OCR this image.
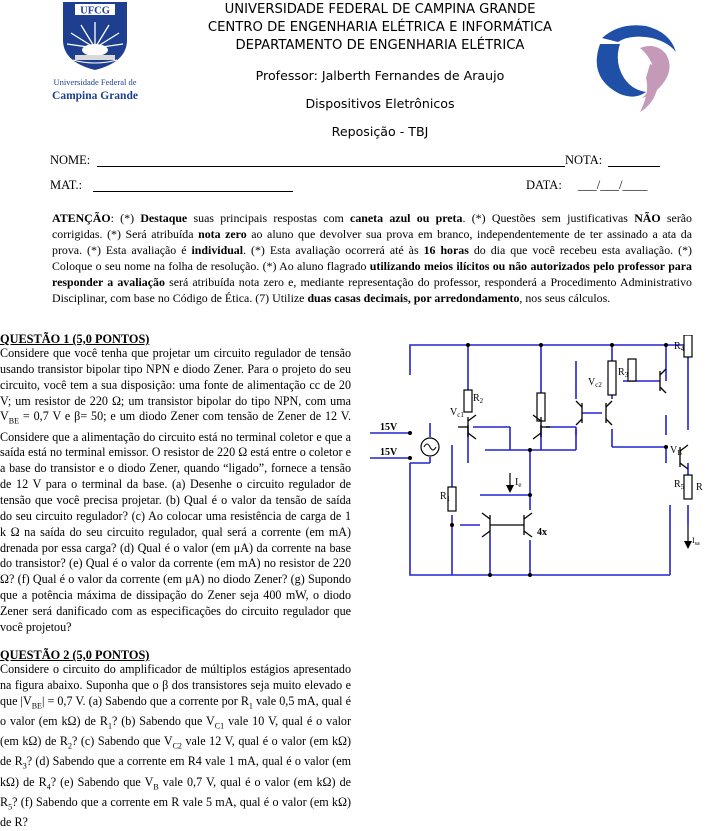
UFCG
Universidade Federal de
Campina Grande
UNIVERSIDADE FEDERAL DE CAMPINA GRANDE
CENTRO DE ENGENHARIA ELÉTRICA E INFORMÁTICA
DEPARTAMENTO DE ENGENHARIA ELÉTRICA
Professor: Jalberth Fernandes de Araujo
Dispositivos Eletrônicos
Reposição - TBJ
NOME:	NOTA:
MAT.:	DATA: ___/___/____
ATENÇÃO: (*) Destaque suas principais respostas com caneta azul ou preta. (*) Questões sem justificativas NÃO serão corrigidas. (*) Será atribuída nota zero ao aluno que devolver sua prova em branco, independentemente de ter assinado a ata da prova. (*) Esta avaliação é individual. (*) Esta avaliação ocorrerá até às 16 horas do dia que você recebeu esta avaliação. (*) Coloque o seu nome na folha de resolução. (*) Ao aluno flagrado utilizando meios ilícitos ou não autorizados pelo professor para responder a avaliação será atribuída nota zero e, mediante representação do professor, responderá a Procedimento Administrativo Disciplinar, com base no Código de Ética. (7) Utilize duas casas decimais, por arredondamento, nos seus cálculos.
QUESTÃO 1 (5,0 PONTOS)
Considere que você tenha que projetar um circuito regulador de tensão usando transistor bipolar tipo NPN e diodo Zener. Para o projeto do seu circuito, você tem a sua disposição: uma fonte de alimentação cc de 20 V; um resistor de 220 Ω; um transistor bipolar do tipo NPN, com uma $V_{BE} = 0,7$ V e β= 50; e um diodo Zener com tensão de Zener de 12 V. Considere que a alimentação do circuito está no terminal coletor e que a saída está no terminal emissor. O resistor de 220 Ω está entre o coletor e a base do transistor e o diodo Zener, quando “ligado”, fornece a tensão de 12 V para o terminal da base. (a) Desenhe o circuito regulador de tensão que você precisa projetar. (b) Qual é o valor da tensão de saída do seu circuito regulador? (c) Ao colocar uma resistência de carga de 1 k Ω na saída do seu circuito regulador, qual será a corrente (em mA) drenada por essa carga? (d) Qual é o valor (em μA) da corrente na base do transistor? (e) Qual é o valor da corrente (em mA) no resistor de 220 Ω? (f) Qual é o valor da corrente (em μA) no diodo Zener? (g) Supondo que a potência máxima de dissipação do Zener seja 400 mW, o diodo Zener será danificado com as especificações do circuito regulador que você projetou?
QUESTÃO 2 (5,0 PONTOS)
Considere o circuito do amplificador de múltiplos estágios apresentado na figura abaixo. Suponha que o β dos transistores seja muito elevado e que $|V_{BE}| = 0,7$ V. (a) Sabendo que a corrente por $R_1$ vale 0,5 mA, qual é o valor (em kΩ) de $R_1$? (b) Sabendo que $V_{C1}$ vale 10 V, qual é o valor (em kΩ) de $R_2$? (c) Sabendo que $V_{C2}$ vale 12 V, qual é o valor (em kΩ) de $R_3$? (d) Sabendo que a corrente em R4 vale 1 mA, qual é o valor (em kΩ) de $R_4$? (e) Sabendo que $V_B$ vale 0,7 V, qual é o valor (em kΩ) de $R_5$? (f) Sabendo que a corrente em R vale 5 mA, qual é o valor (em kΩ) de R?
15V
15V
$R_2$
$R_1$
$R_3$
$R_4$
$R_5$ R
$V_{c1}$
$V_{c2}$
$V_B$
$I_e$
$I_{sa}$
4x
